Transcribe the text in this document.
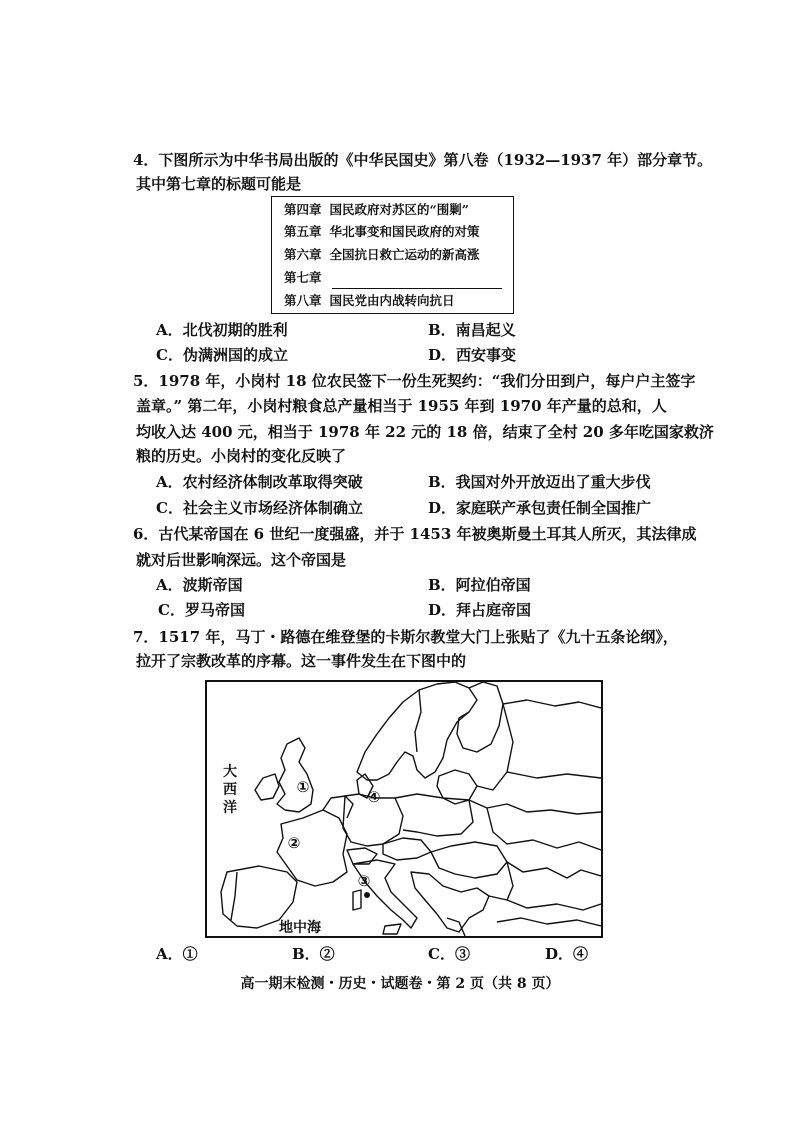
4．下图所示为中华书局出版的《中华民国史》第八卷（1932—1937 年）部分章节。
其中第七章的标题可能是
第四章 国民政府对苏区的“围剿”
第五章 华北事变和国民政府的对策
第六章 全国抗日救亡运动的新高涨
第七章
第八章 国民党由内战转向抗日
A．北伐初期的胜利	B．南昌起义
C．伪满洲国的成立	D．西安事变
5．1978 年，小岗村 18 位农民签下一份生死契约：“我们分田到户，每户户主签字
盖章。” 第二年，小岗村粮食总产量相当于 1955 年到 1970 年产量的总和，人
均收入达 400 元，相当于 1978 年 22 元的 18 倍，结束了全村 20 多年吃国家救济
粮的历史。小岗村的变化反映了
A．农村经济体制改革取得突破	B．我国对外开放迈出了重大步伐
C．社会主义市场经济体制确立	D．家庭联产承包责任制全国推广
6．古代某帝国在 6 世纪一度强盛，并于 1453 年被奥斯曼土耳其人所灭，其法律成
就对后世影响深远。这个帝国是
A．波斯帝国	B．阿拉伯帝国
C．罗马帝国	D．拜占庭帝国
7．1517 年，马丁・路德在维登堡的卡斯尔教堂大门上张贴了《九十五条论纲》，
拉开了宗教改革的序幕。这一事件发生在下图中的
①
②
③
④
大
西
洋
地中海
A．①	B．②	C．③	D．④
高一期末检测・历史・试题卷・第 2 页（共 8 页）
